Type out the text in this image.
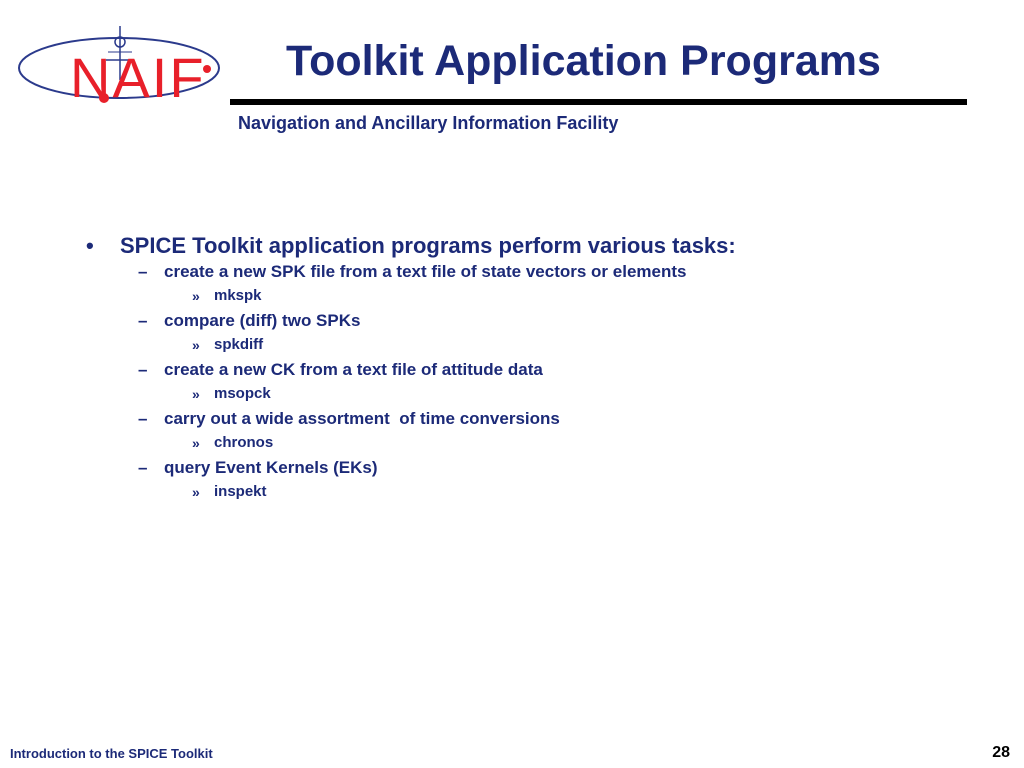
NAIF Toolkit Application Programs
Navigation and Ancillary Information Facility
• SPICE Toolkit application programs perform various tasks:
– create a new SPK file from a text file of state vectors or elements
» mkspk
– compare (diff) two SPKs
» spkdiff
– create a new CK from a text file of attitude data
» msopck
– carry out a wide assortment  of time conversions
» chronos
– query Event Kernels (EKs)
» inspekt
Introduction to the SPICE Toolkit	28
